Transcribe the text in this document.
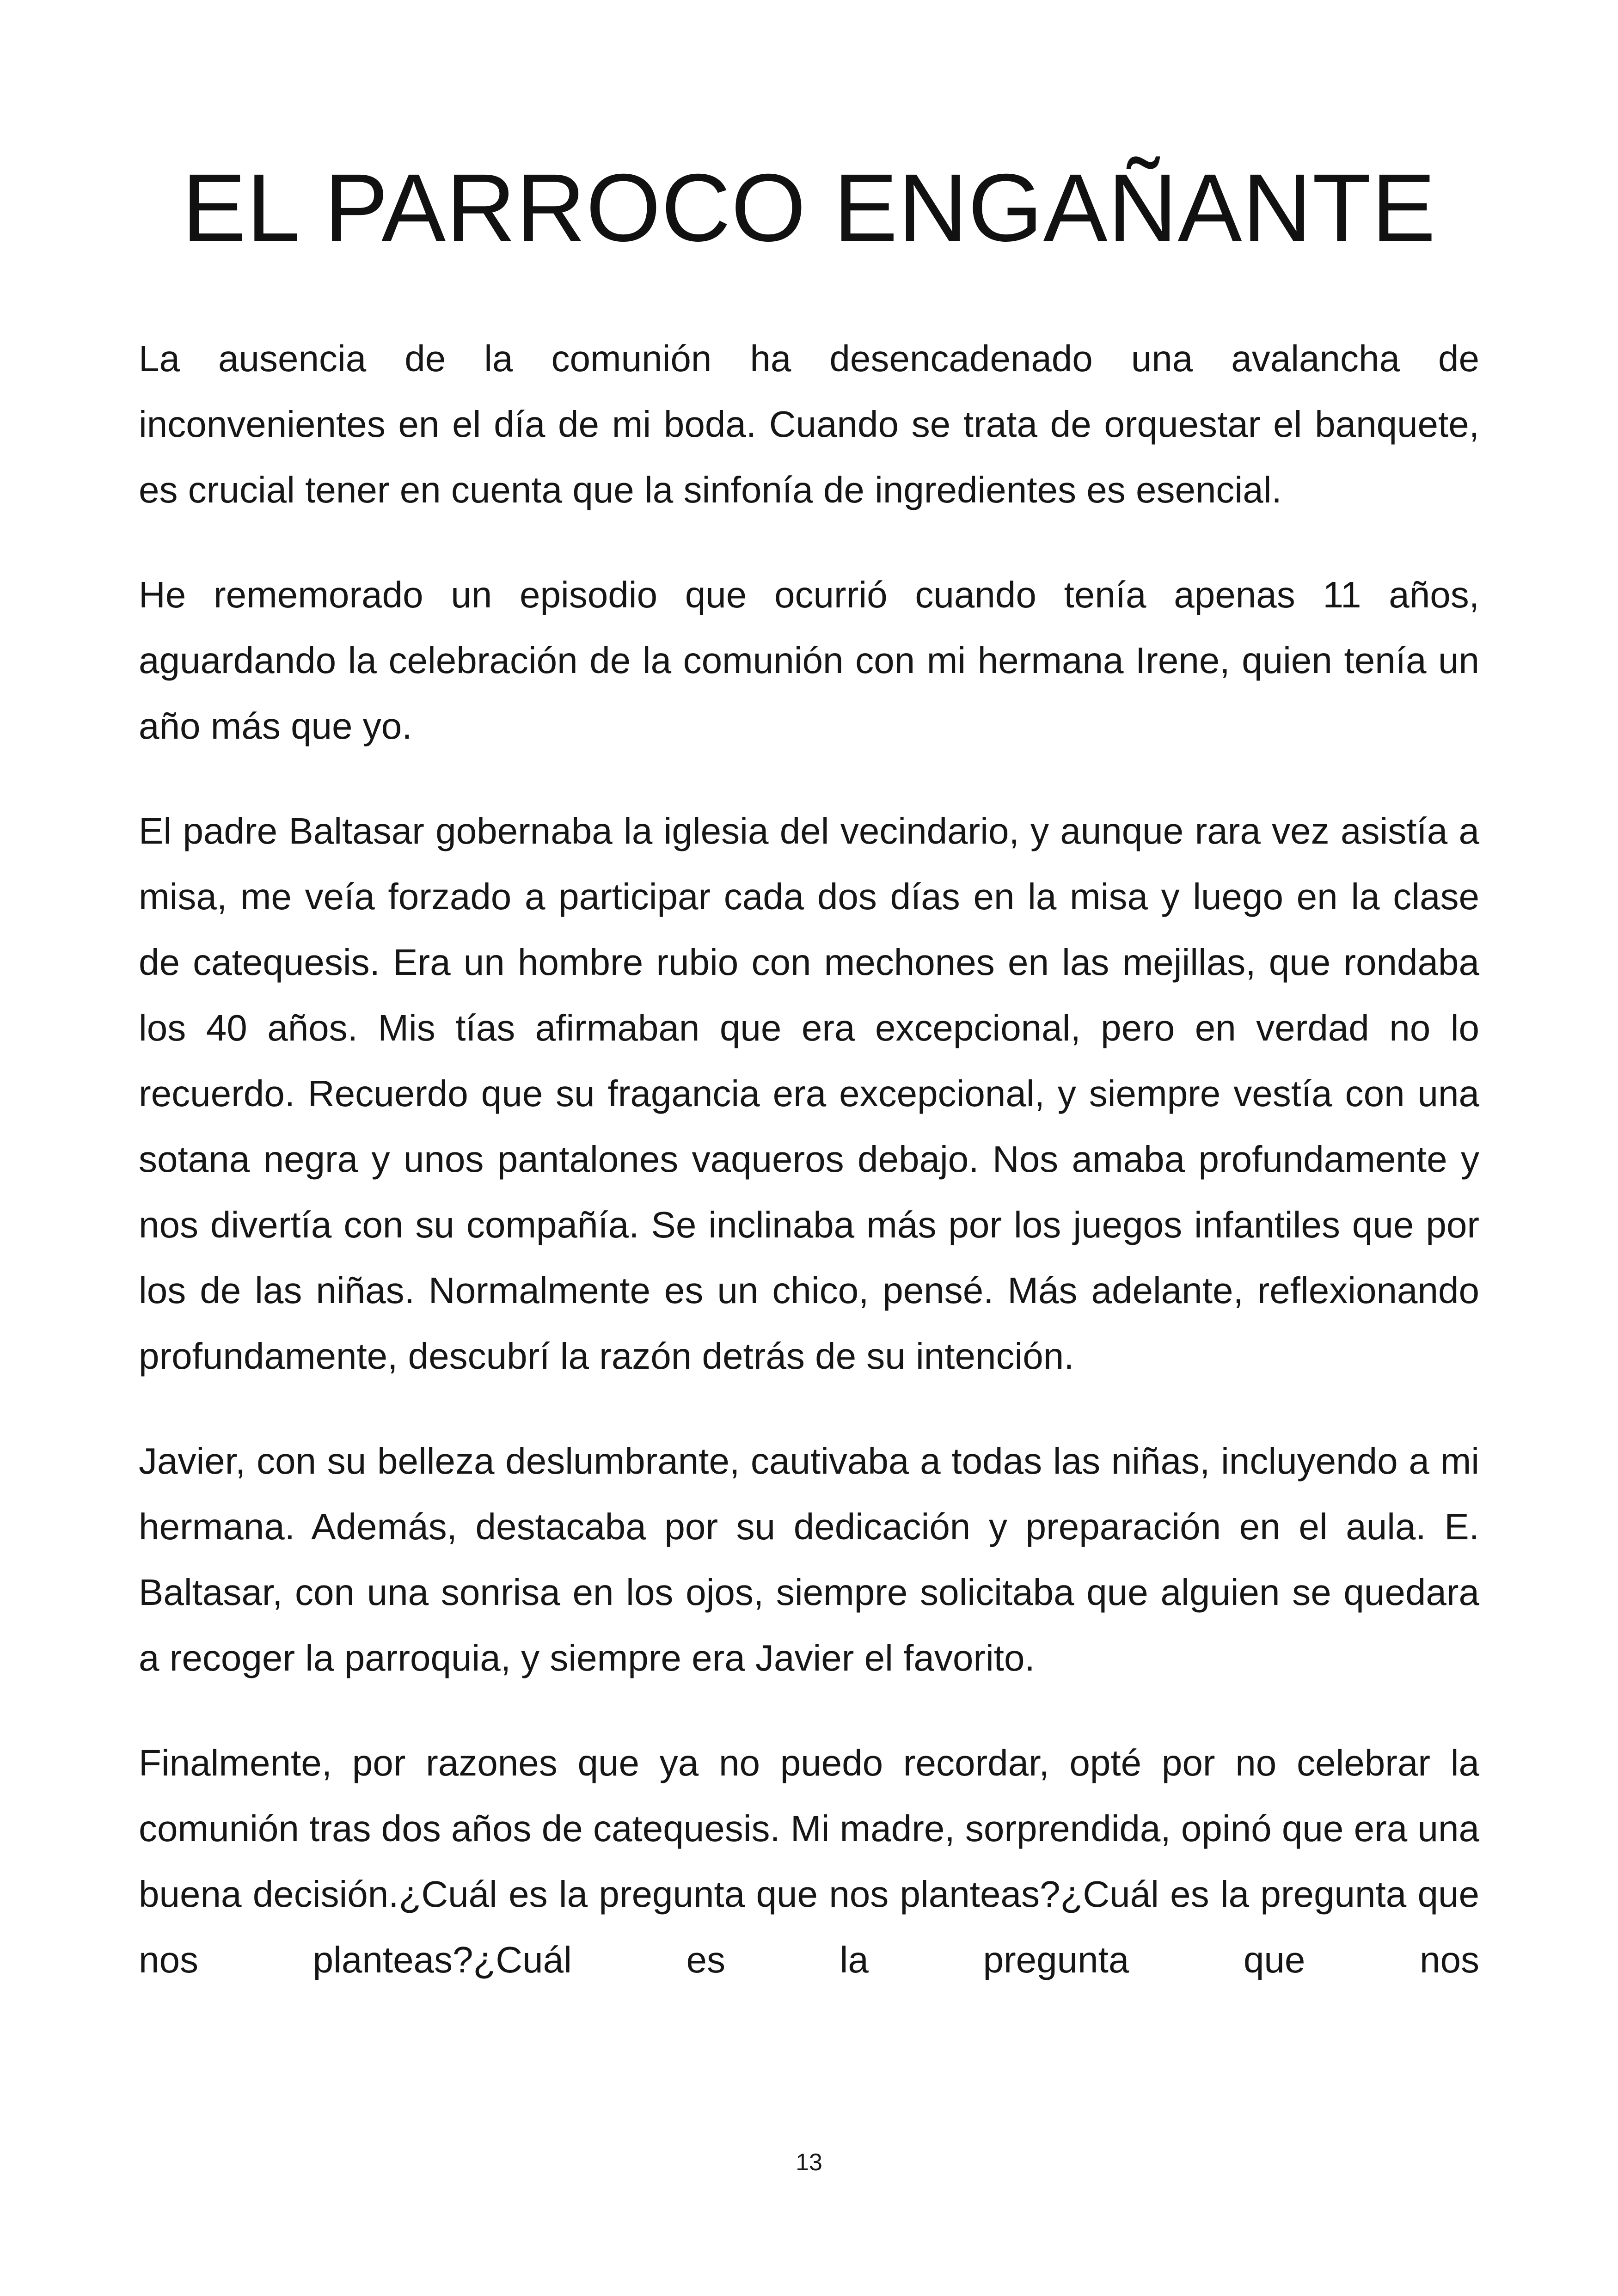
EL PARROCO ENGAÑANTE

La ausencia de la comunión ha desencadenado una avalancha de inconvenientes en el día de mi boda. Cuando se trata de orquestar el banquete, es crucial tener en cuenta que la sinfonía de ingredientes es esencial.

He rememorado un episodio que ocurrió cuando tenía apenas 11 años, aguardando la celebración de la comunión con mi hermana Irene, quien tenía un año más que yo.

El padre Baltasar gobernaba la iglesia del vecindario, y aunque rara vez asistía a misa, me veía forzado a participar cada dos días en la misa y luego en la clase de catequesis. Era un hombre rubio con mechones en las mejillas, que rondaba los 40 años. Mis tías afirmaban que era excepcional, pero en verdad no lo recuerdo. Recuerdo que su fragancia era excepcional, y siempre vestía con una sotana negra y unos pantalones vaqueros debajo. Nos amaba profundamente y nos divertía con su compañía. Se inclinaba más por los juegos infantiles que por los de las niñas. Normalmente es un chico, pensé. Más adelante, reflexionando profundamente, descubrí la razón detrás de su intención.

Javier, con su belleza deslumbrante, cautivaba a todas las niñas, incluyendo a mi hermana. Además, destacaba por su dedicación y preparación en el aula. E. Baltasar, con una sonrisa en los ojos, siempre solicitaba que alguien se quedara a recoger la parroquia, y siempre era Javier el favorito.

Finalmente, por razones que ya no puedo recordar, opté por no celebrar la comunión tras dos años de catequesis. Mi madre, sorprendida, opinó que era una buena decisión.¿Cuál es la pregunta que nos planteas?¿Cuál es la pregunta que nos planteas?¿Cuál es la pregunta que nos

13
